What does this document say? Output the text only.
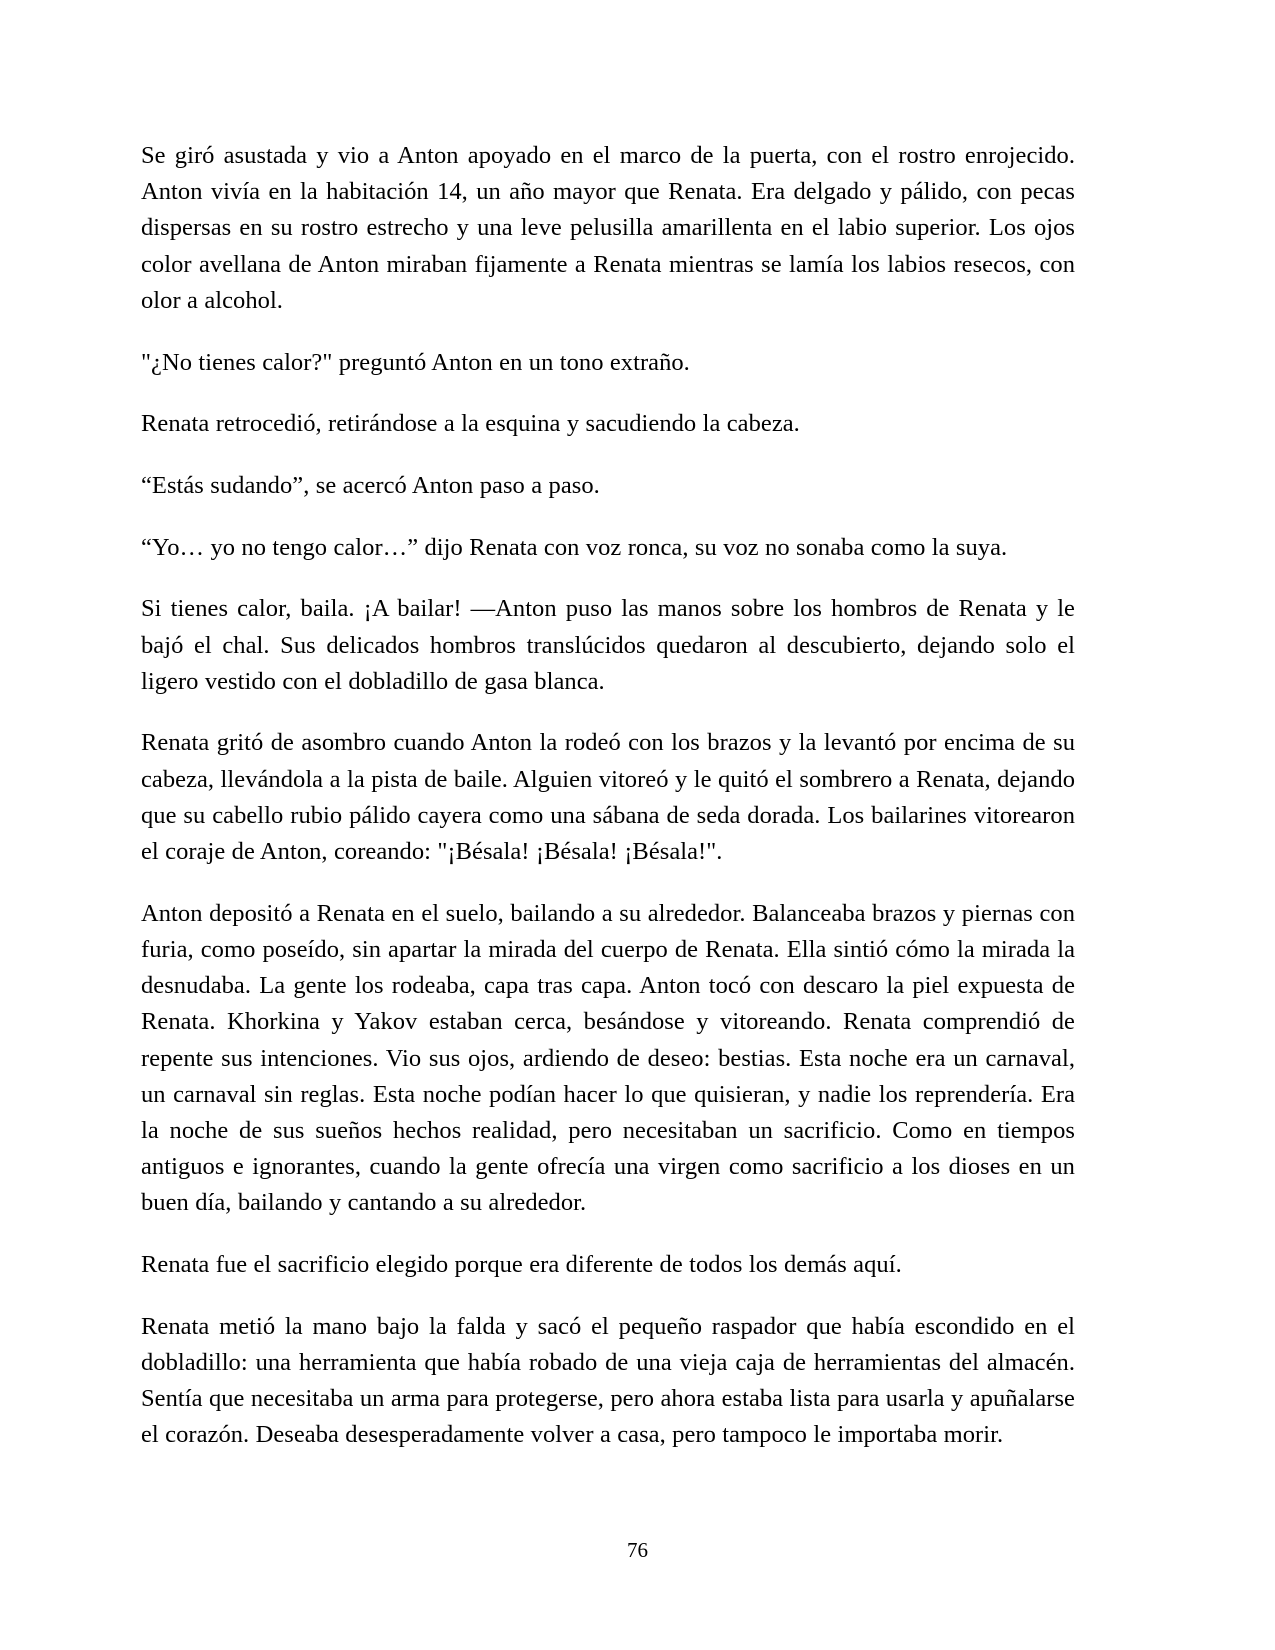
Se giró asustada y vio a Anton apoyado en el marco de la puerta, con el rostro enrojecido. Anton vivía en la habitación 14, un año mayor que Renata. Era delgado y pálido, con pecas dispersas en su rostro estrecho y una leve pelusilla amarillenta en el labio superior. Los ojos color avellana de Anton miraban fijamente a Renata mientras se lamía los labios resecos, con olor a alcohol.

"¿No tienes calor?" preguntó Anton en un tono extraño.

Renata retrocedió, retirándose a la esquina y sacudiendo la cabeza.

“Estás sudando”, se acercó Anton paso a paso.

“Yo… yo no tengo calor…” dijo Renata con voz ronca, su voz no sonaba como la suya.

Si tienes calor, baila. ¡A bailar! —Anton puso las manos sobre los hombros de Renata y le bajó el chal. Sus delicados hombros translúcidos quedaron al descubierto, dejando solo el ligero vestido con el dobladillo de gasa blanca.

Renata gritó de asombro cuando Anton la rodeó con los brazos y la levantó por encima de su cabeza, llevándola a la pista de baile. Alguien vitoreó y le quitó el sombrero a Renata, dejando que su cabello rubio pálido cayera como una sábana de seda dorada. Los bailarines vitorearon el coraje de Anton, coreando: "¡Bésala! ¡Bésala! ¡Bésala!".

Anton depositó a Renata en el suelo, bailando a su alrededor. Balanceaba brazos y piernas con furia, como poseído, sin apartar la mirada del cuerpo de Renata. Ella sintió cómo la mirada la desnudaba. La gente los rodeaba, capa tras capa. Anton tocó con descaro la piel expuesta de Renata. Khorkina y Yakov estaban cerca, besándose y vitoreando. Renata comprendió de repente sus intenciones. Vio sus ojos, ardiendo de deseo: bestias. Esta noche era un carnaval, un carnaval sin reglas. Esta noche podían hacer lo que quisieran, y nadie los reprendería. Era la noche de sus sueños hechos realidad, pero necesitaban un sacrificio. Como en tiempos antiguos e ignorantes, cuando la gente ofrecía una virgen como sacrificio a los dioses en un buen día, bailando y cantando a su alrededor.

Renata fue el sacrificio elegido porque era diferente de todos los demás aquí.

Renata metió la mano bajo la falda y sacó el pequeño raspador que había escondido en el dobladillo: una herramienta que había robado de una vieja caja de herramientas del almacén. Sentía que necesitaba un arma para protegerse, pero ahora estaba lista para usarla y apuñalarse el corazón. Deseaba desesperadamente volver a casa, pero tampoco le importaba morir.

76
